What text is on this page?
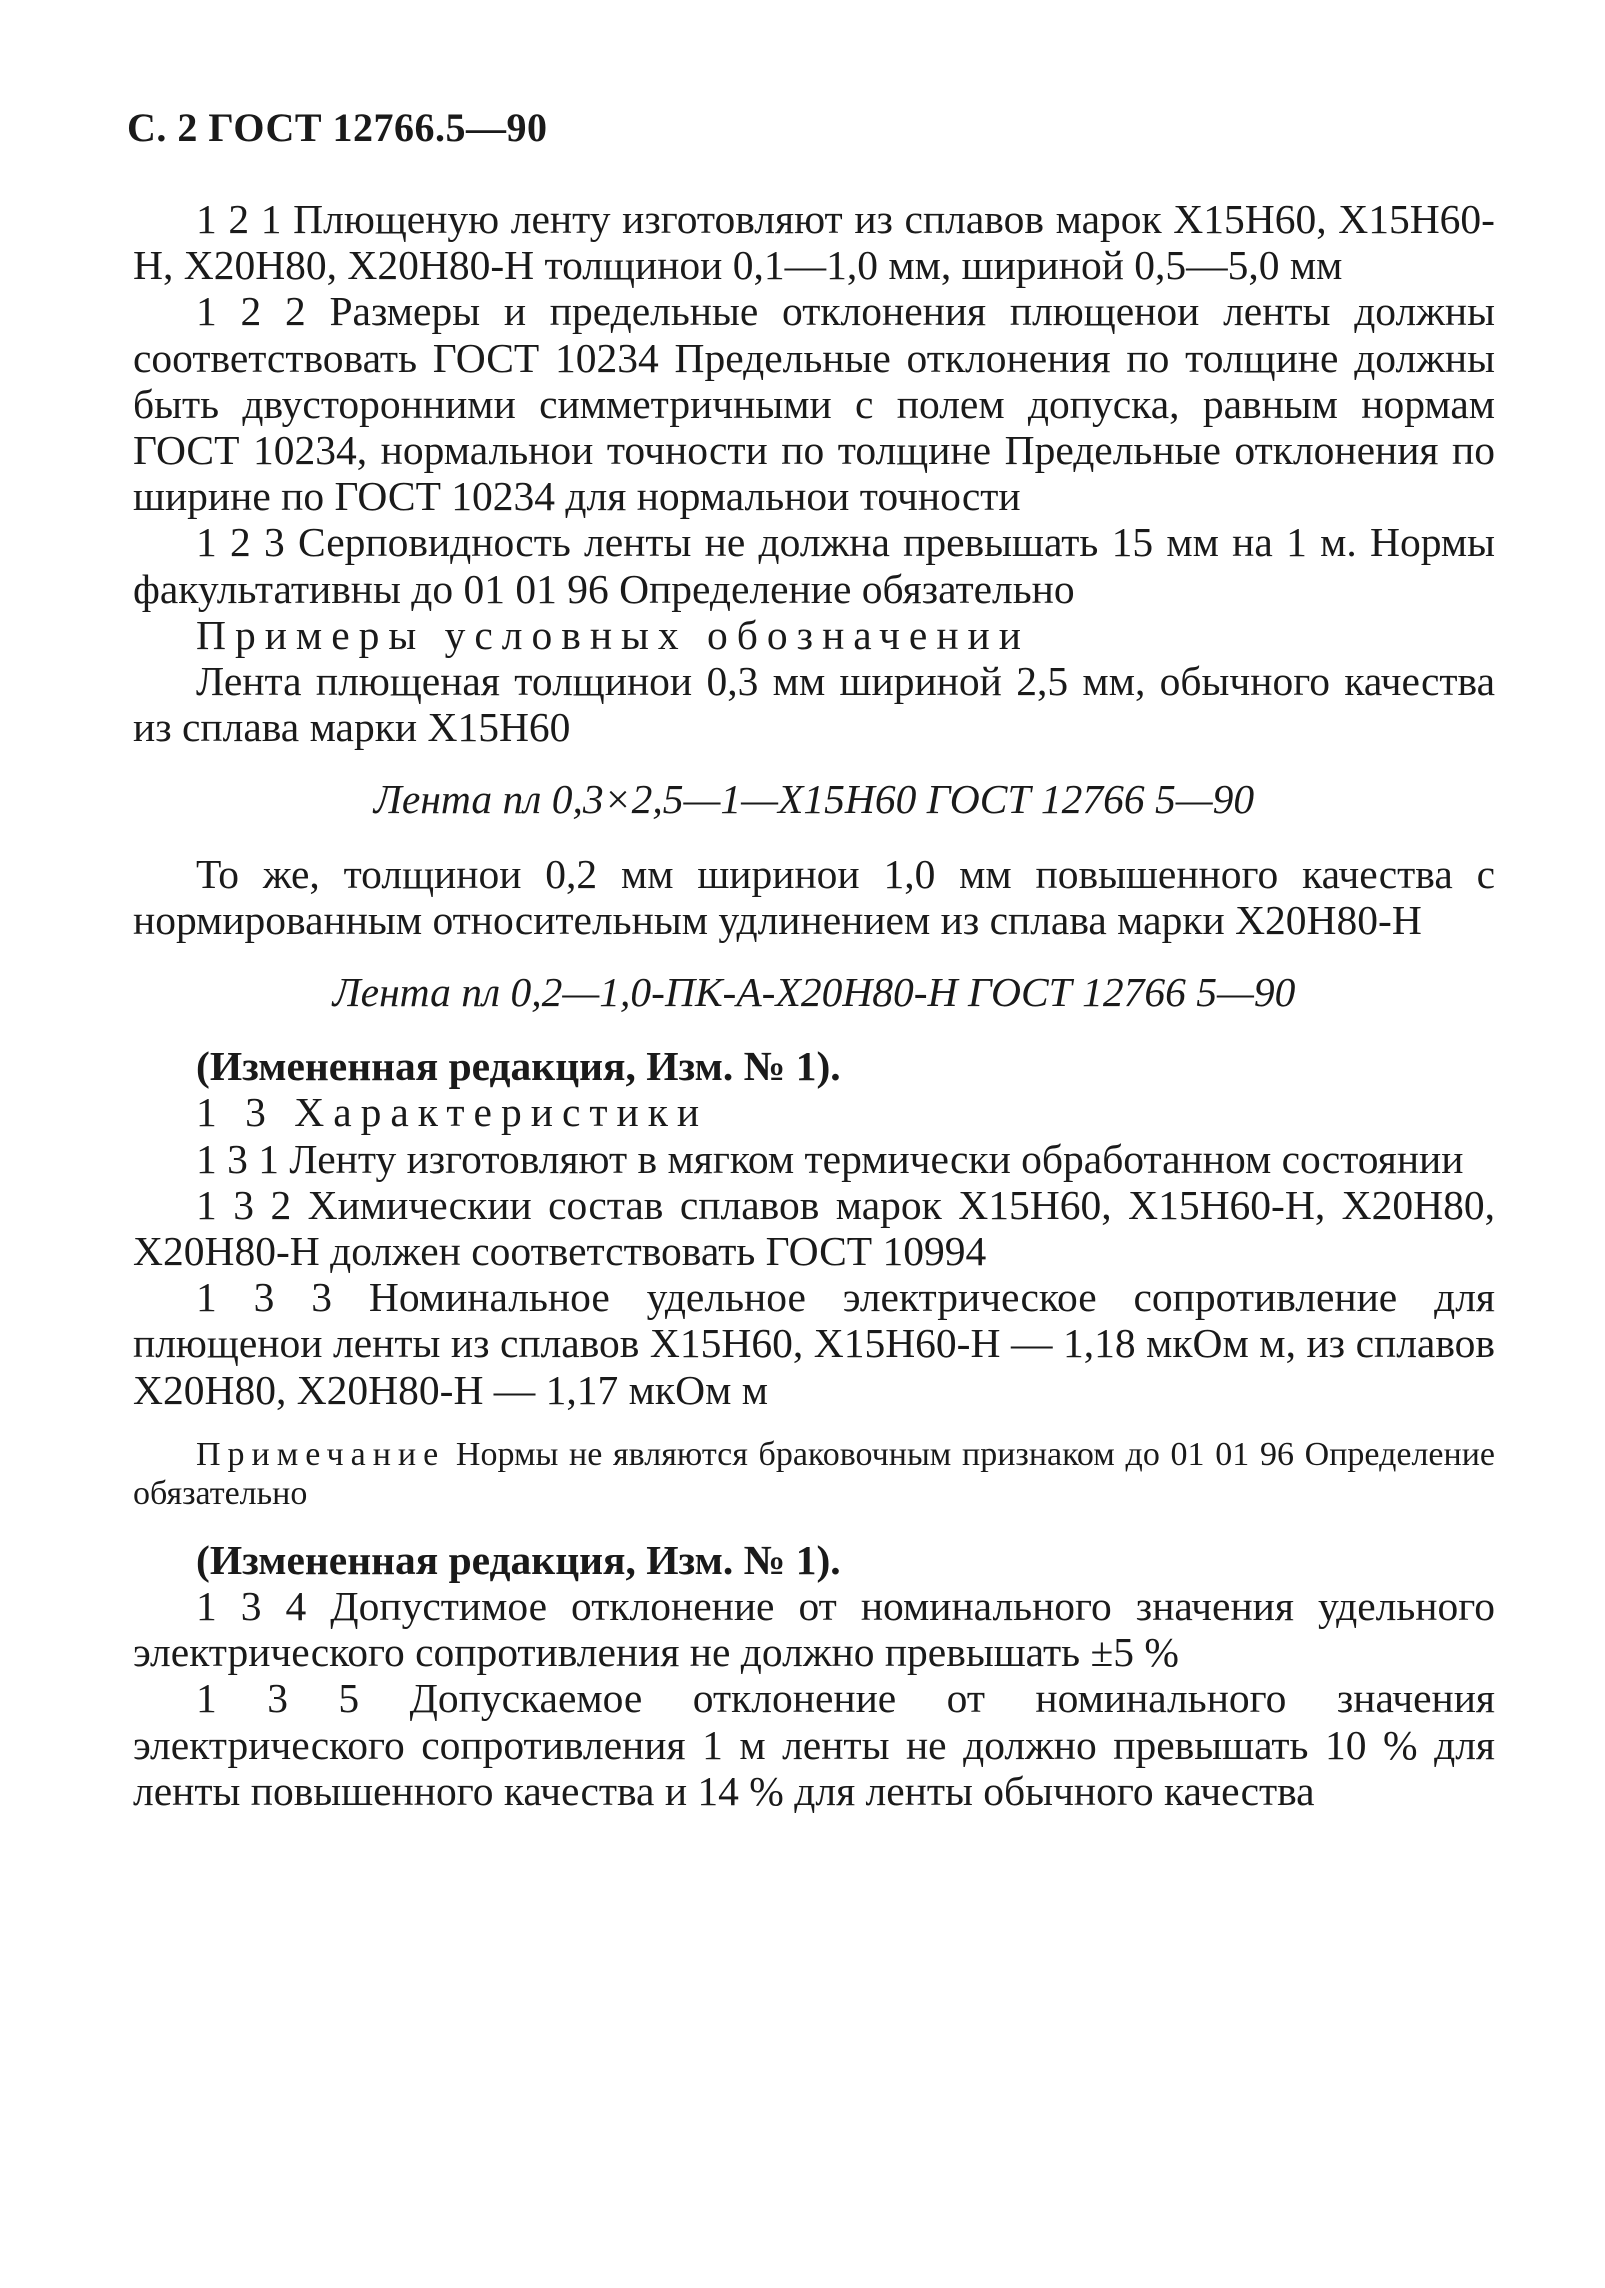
С. 2 ГОСТ 12766.5—90

1 2 1 Плющеную ленту изготовляют из сплавов марок Х15Н60, Х15Н60-Н, Х20Н80, Х20Н80-Н толщинои 0,1—1,0 мм, шириной 0,5—5,0 мм

1 2 2 Размеры и предельные отклонения плющенои ленты должны соответствовать ГОСТ 10234 Предельные отклонения по толщине должны быть двусторонними симметричными с полем допуска, равным нормам ГОСТ 10234, нормальнои точности по толщине Предельные отклонения по ширине по ГОСТ 10234 для нормальнои точности

1 2 3 Серповидность ленты не должна превышать 15 мм на 1 м. Нормы факультативны до 01 01 96 Определение обязательно

Примеры условных обозначении

Лента плющеная толщинои 0,3 мм шириной 2,5 мм, обычного качества из сплава марки Х15Н60

Лента пл 0,3×2,5—1—Х15Н60 ГОСТ 12766 5—90

То же, толщинои 0,2 мм ширинои 1,0 мм повышенного качества с нормированным относительным удлинением из сплава марки Х20Н80-Н

Лента пл 0,2—1,0-ПК-А-Х20Н80-Н ГОСТ 12766 5—90

(Измененная редакция, Изм. № 1).

1 3 Характеристики

1 3 1 Ленту изготовляют в мягком термически обработанном состоянии

1 3 2 Химическии состав сплавов марок Х15Н60, Х15Н60-Н, Х20Н80, Х20Н80-Н должен соответствовать ГОСТ 10994

1 3 3 Номинальное удельное электрическое сопротивление для плющенои ленты из сплавов Х15Н60, Х15Н60-Н — 1,18 мкОм м, из сплавов Х20Н80, Х20Н80-Н — 1,17 мкОм м

Примечание Нормы не являются браковочным признаком до 01 01 96 Определение обязательно

(Измененная редакция, Изм. № 1).

1 3 4 Допустимое отклонение от номинального значения удельного электрического сопротивления не должно превышать ±5 %

1 3 5 Допускаемое отклонение от номинального значения электрического сопротивления 1 м ленты не должно превышать 10 % для ленты повышенного качества и 14 % для ленты обычного качества
